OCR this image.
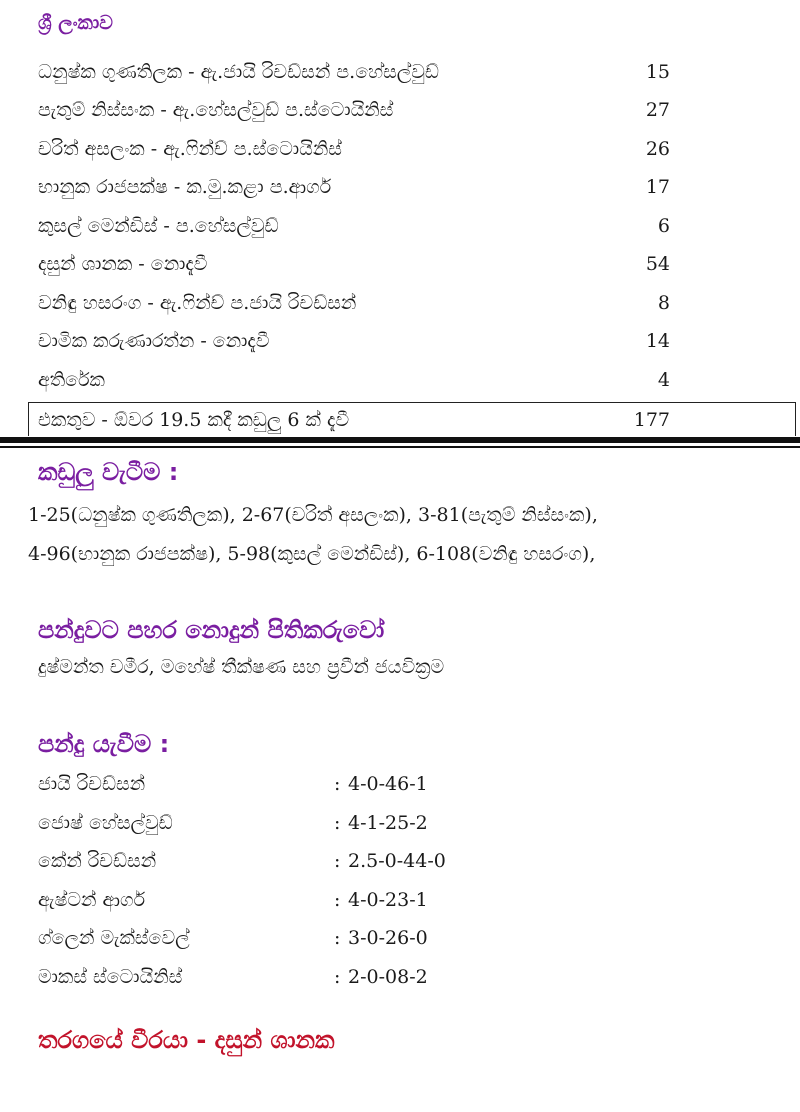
ශ්‍රී ලංකාව
ධනුෂ්ක ගුණතිලක - ඇ.ජායි රිචඩ්සන් ප.හේසල්වුඩ්	15
පැතුම් නිස්සංක - ඇ.හේසල්වුඩ් ප.ස්ටොයිනිස්	27
චරිත් අසලංක - ඇ.ෆින්ච් ප.ස්ටොයිනිස්	26
භානුක රාජපක්ෂ - ක.මු.කළා ප.ආගර්	17
කුසල් මෙන්ඩිස් - ප.හේසල්වුඩ්	6
දසුන් ශානක - නොදැවී	54
වනිඳු හසරංග - ඇ.ෆින්ච් ප.ජායි රිචඩ්සන්	8
චාමික කරුණාරත්න - නොදැවී	14
අතිරේක	4
එකතුව - ඕවර 19.5 කදී කඩුලු 6 ක් දැවී	177
කඩුලු වැටීම :
1-25(ධනුෂ්ක ගුණතිලක), 2-67(චරිත් අසලංක), 3-81(පැතුම් නිස්සංක),
4-96(භානුක රාජපක්ෂ), 5-98(කුසල් මෙන්ඩිස්), 6-108(වනිඳු හසරංග),
පන්දුවට පහර නොදුන් පිතිකරුවෝ
දුෂ්මන්ත චමීර, මහේෂ් තීක්ෂණ සහ ප්‍රවීන් ජයවික්‍රම
පන්දු යැවීම :
ජායි රිචඩ්සන්	: 4-0-46-1
ජොෂ් හේසල්වුඩ්	: 4-1-25-2
කේන් රිචඩ්සන්	: 2.5-0-44-0
ඇෂ්ටන් ආගර්	: 4-0-23-1
ග්ලෙන් මැක්ස්වෙල්	: 3-0-26-0
මාකස් ස්ටොයිනිස්	: 2-0-08-2
තරගයේ වීරයා - දසුන් ශානක
